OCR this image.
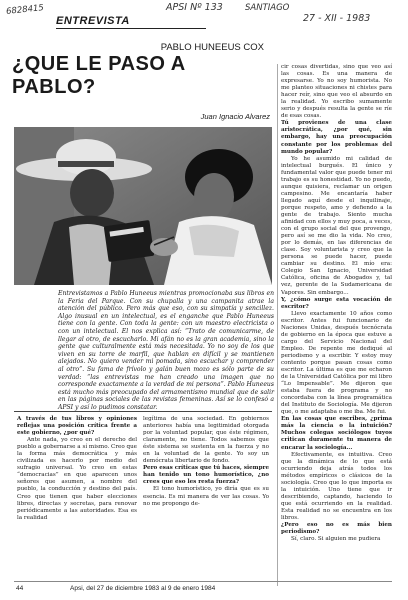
6828415	APSI Nº 133	SANTIAGO
27 - XII - 1983
ENTREVISTA
PABLO HUNEEUS COX
¿QUE LE PASO A PABLO?
Juan Ignacio Alvarez
Entrevistamos a Pablo Huneeus mientras promocionaba sus libros en la Feria del Parque. Con su chupalla y una campanita atrae la atención del público. Pero más que eso, con su simpatía y sencillez. Algo inusual en un intelectual, es el enganche que Pablo Huneeus tiene con la gente. Con toda la gente: con un maestro electricista o con un intelectual. El nos explica así: “Trato de comunicarme, de llegar al otro, de escucharlo. Mi afán no es la gran academia, sino la gente que culturalmente está más necesitada. Yo no soy de los que viven en su torre de marfil, que hablan en difícil y se mantienen alejados. No quiero vender mi pomada, sino escuchar y comprender al otro”. Su fama de frívolo y galán buen mozo es sólo parte de su verdad: “las entrevistas me han creado una imagen que no corresponde exactamente a la verdad de mi persona”. Pablo Huneeus está mucho más preocupado del armamentismo mundial que de salir en las páginas sociales de las revistas femeninas. Así se lo confesó a APSI y así lo pudimos constatar.

A través de tus libros y opiniones reflejas una posición crítica frente a este gobierno, ¿por qué?

Ante nada, yo creo en el derecho del pueblo a gobernarse a sí mismo. Creo que la forma más democrática y más civilizada es hacerlo por medio del sufragio universal. Yo creo en estas “democracias” en que aparecen unos señores que asumen, a nombre del pueblo, la conducción y destino del país. Creo que tienen que haber elecciones libres, directas y secretas, para renovar periódicamente a las autoridades. Esa es la realidad

legítima de una sociedad. En gobiernos anteriores había una legitimidad otorgada por la voluntad popular, que éste régimen, claramente, no tiene. Todos sabemos que éste sistema se sustenta en la fuerza y no en la voluntad de la gente. Yo soy un demócrata libertario de fondo.

Pero esas críticas que tú haces, siempre han tenido un tono humorístico, ¿no crees que eso les resta fuerza?

El tono humorístico, yo diría que es su esencia. Es mi manera de ver las cosas. Yo no me propongo de-

cir cosas divertidas, sino que veo así las cosas. Es una manera de expresarse. Yo no soy humorista. No me planteo situaciones ni chistes para hacer reír, sino que veo el absurdo en la realidad. Yo escribo sumamente serio y después resulta la gente se ríe de esas cosas.

Tú provienes de una clase aristocrática, ¿por qué, sin embargo, hay una preocupación constante por los problemas del mundo popular?

Yo he asumido mi calidad de intelectual burgués. El único y fundamental valor que puede tener mi trabajo es su honestidad. Yo no puedo, aunque quisiera, reclamar un origen campesino. Me encantaría haber llegado aquí desde el inquilinaje, porque respeto, amo y defiendo a la gente de trabajo. Siento mucha afinidad con ellos y muy poca, a veces, con el grupo social del que provengo, pero así se me dio la vida. No creo, por lo demás, en las diferencias de clase. Soy voluntarista y creo que la persona se puede hacer, puede cambiar su destino. El mío era: Colegio San Ignacio, Universidad Católica, oficina de Abogados y, tal vez, gerente de la Sudamericana de Vapores. Sin embargo...

Y, ¿cómo surge esta vocación de escritor?

Llevo exactamente 10 años como escritor. Antes fui funcionario de Naciones Unidas, después tecnócrata de gobierno en la época que estuve a cargo del Servicio Nacional del Empleo. De repente me dediqué al periodismo y a escribir. Y estoy muy contento porque pasan cosas como escritor. La última es que me echaron de la Universidad Católica por mi libro “Lo Impensable”. Me dijeron que estaba fuera de programa y no concordaba con la línea programática del Instituto de Sociología. Me dijeron que, o me adaptaba o me iba. Me fui.

En las cosas que escribes, ¿prima más la ciencia o la intuición? Muchos colegas sociólogos tuyos critican duramente tu manera de encarar la sociología...

Efectivamente, es intuitiva. Creo que la dinámica de lo que está ocurriendo deja atrás todos los métodos empíricos o clásicos de la sociología. Creo que lo que importa es la intuición. Uno tiene que ir describiendo, captando, haciendo lo que está ocurriendo en la realidad. Esta realidad no se encuentra en los libros.

¿Pero eso no es más bien periodismo?

Sí, claro. Si alguien me pudiera

44	Apsi, del 27 de diciembre 1983 al 9 de enero 1984
